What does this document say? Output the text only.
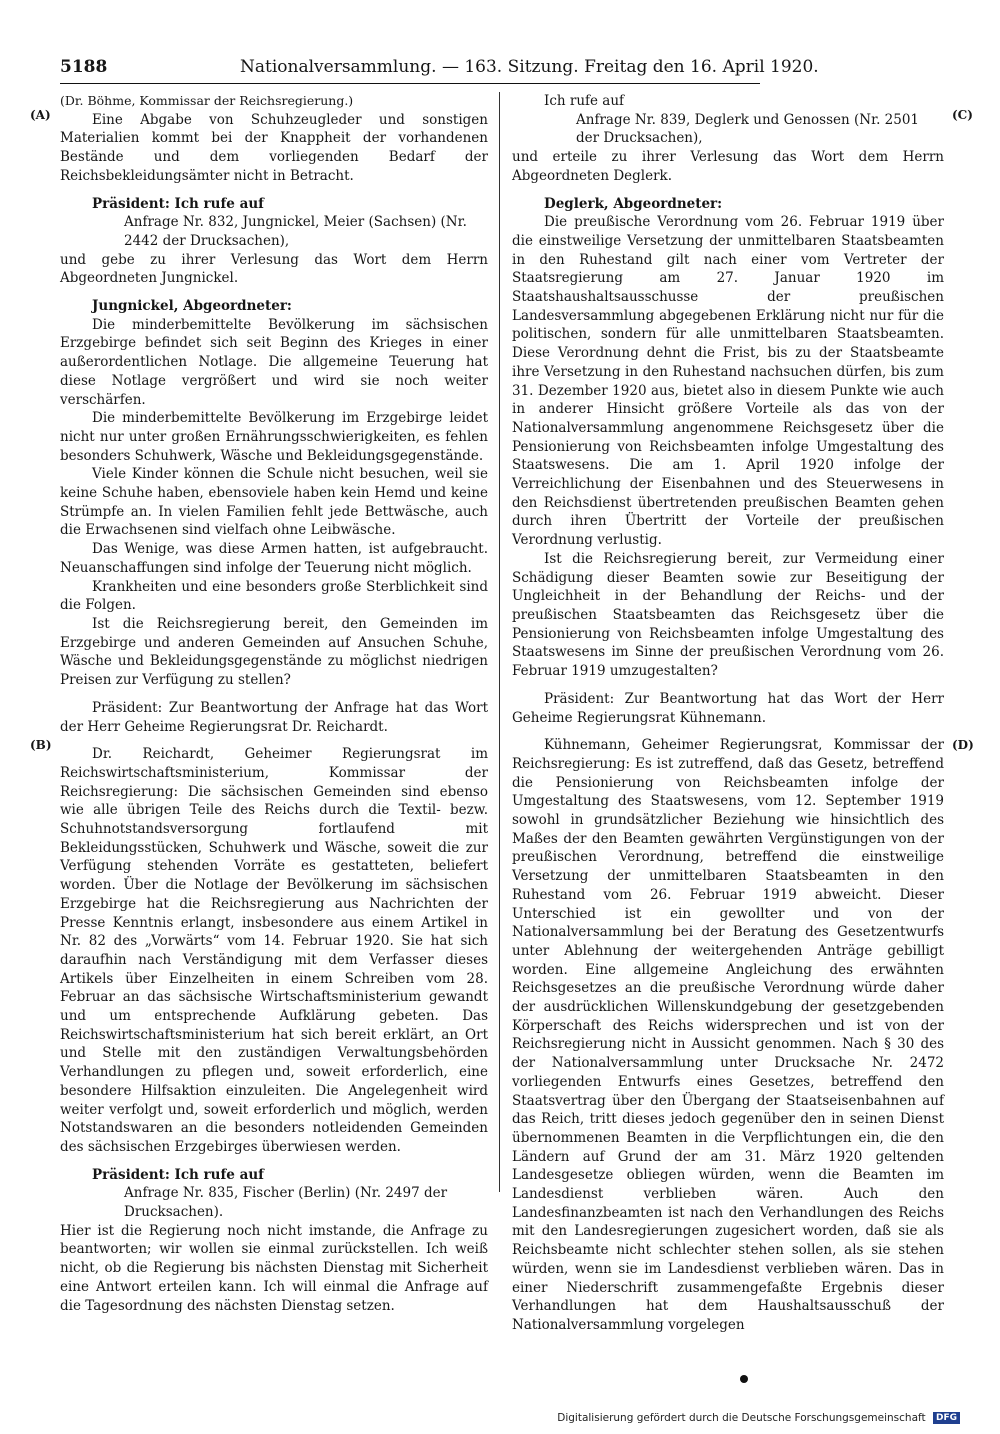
5188	Nationalversammlung. — 163. Sitzung. Freitag den 16. April 1920.
(A)
(B)
(C)
(D)

(Dr. Böhme, Kommissar der Reichsregierung.)

Eine Abgabe von Schuhzeugleder und sonstigen Materialien kommt bei der Knappheit der vorhandenen Bestände und dem vorliegenden Bedarf der Reichsbekleidungsämter nicht in Betracht.

Präsident: Ich rufe auf

Anfrage Nr. 832, Jungnickel, Meier (Sachsen) (Nr. 2442 der Drucksachen),

und gebe zu ihrer Verlesung das Wort dem Herrn Abgeordneten Jungnickel.

Jungnickel, Abgeordneter:

Die minderbemittelte Bevölkerung im sächsischen Erzgebirge befindet sich seit Beginn des Krieges in einer außerordentlichen Notlage. Die allgemeine Teuerung hat diese Notlage vergrößert und wird sie noch weiter verschärfen.

Die minderbemittelte Bevölkerung im Erzgebirge leidet nicht nur unter großen Ernährungsschwierigkeiten, es fehlen besonders Schuhwerk, Wäsche und Bekleidungsgegenstände.

Viele Kinder können die Schule nicht besuchen, weil sie keine Schuhe haben, ebensoviele haben kein Hemd und keine Strümpfe an. In vielen Familien fehlt jede Bettwäsche, auch die Erwachsenen sind vielfach ohne Leibwäsche.

Das Wenige, was diese Armen hatten, ist aufgebraucht. Neuanschaffungen sind infolge der Teuerung nicht möglich.

Krankheiten und eine besonders große Sterblichkeit sind die Folgen.

Ist die Reichsregierung bereit, den Gemeinden im Erzgebirge und anderen Gemeinden auf Ansuchen Schuhe, Wäsche und Bekleidungsgegenstände zu möglichst niedrigen Preisen zur Verfügung zu stellen?

Präsident: Zur Beantwortung der Anfrage hat das Wort der Herr Geheime Regierungsrat Dr. Reichardt.

Dr. Reichardt, Geheimer Regierungsrat im Reichswirtschaftsministerium, Kommissar der Reichsregierung: Die sächsischen Gemeinden sind ebenso wie alle übrigen Teile des Reichs durch die Textil- bezw. Schuhnotstandsversorgung fortlaufend mit Bekleidungsstücken, Schuhwerk und Wäsche, soweit die zur Verfügung stehenden Vorräte es gestatteten, beliefert worden. Über die Notlage der Bevölkerung im sächsischen Erzgebirge hat die Reichsregierung aus Nachrichten der Presse Kenntnis erlangt, insbesondere aus einem Artikel in Nr. 82 des „Vorwärts“ vom 14. Februar 1920. Sie hat sich daraufhin nach Verständigung mit dem Verfasser dieses Artikels über Einzelheiten in einem Schreiben vom 28. Februar an das sächsische Wirtschaftsministerium gewandt und um entsprechende Aufklärung gebeten. Das Reichswirtschaftsministerium hat sich bereit erklärt, an Ort und Stelle mit den zuständigen Verwaltungsbehörden Verhandlungen zu pflegen und, soweit erforderlich, eine besondere Hilfsaktion einzuleiten. Die Angelegenheit wird weiter verfolgt und, soweit erforderlich und möglich, werden Notstandswaren an die besonders notleidenden Gemeinden des sächsischen Erzgebirges überwiesen werden.

Präsident: Ich rufe auf

Anfrage Nr. 835, Fischer (Berlin) (Nr. 2497 der Drucksachen).

Hier ist die Regierung noch nicht imstande, die Anfrage zu beantworten; wir wollen sie einmal zurückstellen. Ich weiß nicht, ob die Regierung bis nächsten Dienstag mit Sicherheit eine Antwort erteilen kann. Ich will einmal die Anfrage auf die Tagesordnung des nächsten Dienstag setzen.

Ich rufe auf

Anfrage Nr. 839, Deglerk und Genossen (Nr. 2501 der Drucksachen),

und erteile zu ihrer Verlesung das Wort dem Herrn Abgeordneten Deglerk.

Deglerk, Abgeordneter:

Die preußische Verordnung vom 26. Februar 1919 über die einstweilige Versetzung der unmittelbaren Staatsbeamten in den Ruhestand gilt nach einer vom Vertreter der Staatsregierung am 27. Januar 1920 im Staatshaushaltsausschusse der preußischen Landesversammlung abgegebenen Erklärung nicht nur für die politischen, sondern für alle unmittelbaren Staatsbeamten. Diese Verordnung dehnt die Frist, bis zu der Staatsbeamte ihre Versetzung in den Ruhestand nachsuchen dürfen, bis zum 31. Dezember 1920 aus, bietet also in diesem Punkte wie auch in anderer Hinsicht größere Vorteile als das von der Nationalversammlung angenommene Reichsgesetz über die Pensionierung von Reichsbeamten infolge Umgestaltung des Staatswesens. Die am 1. April 1920 infolge der Verreichlichung der Eisenbahnen und des Steuerwesens in den Reichsdienst übertretenden preußischen Beamten gehen durch ihren Übertritt der Vorteile der preußischen Verordnung verlustig.

Ist die Reichsregierung bereit, zur Vermeidung einer Schädigung dieser Beamten sowie zur Beseitigung der Ungleichheit in der Behandlung der Reichs- und der preußischen Staatsbeamten das Reichsgesetz über die Pensionierung von Reichsbeamten infolge Umgestaltung des Staatswesens im Sinne der preußischen Verordnung vom 26. Februar 1919 umzugestalten?

Präsident: Zur Beantwortung hat das Wort der Herr Geheime Regierungsrat Kühnemann.

Kühnemann, Geheimer Regierungsrat, Kommissar der Reichsregierung: Es ist zutreffend, daß das Gesetz, betreffend die Pensionierung von Reichsbeamten infolge der Umgestaltung des Staatswesens, vom 12. September 1919 sowohl in grundsätzlicher Beziehung wie hinsichtlich des Maßes der den Beamten gewährten Vergünstigungen von der preußischen Verordnung, betreffend die einstweilige Versetzung der unmittelbaren Staatsbeamten in den Ruhestand vom 26. Februar 1919 abweicht. Dieser Unterschied ist ein gewollter und von der Nationalversammlung bei der Beratung des Gesetzentwurfs unter Ablehnung der weitergehenden Anträge gebilligt worden. Eine allgemeine Angleichung des erwähnten Reichsgesetzes an die preußische Verordnung würde daher der ausdrücklichen Willenskundgebung der gesetzgebenden Körperschaft des Reichs widersprechen und ist von der Reichsregierung nicht in Aussicht genommen. Nach § 30 des der Nationalversammlung unter Drucksache Nr. 2472 vorliegenden Entwurfs eines Gesetzes, betreffend den Staatsvertrag über den Übergang der Staatseisenbahnen auf das Reich, tritt dieses jedoch gegenüber den in seinen Dienst übernommenen Beamten in die Verpflichtungen ein, die den Ländern auf Grund der am 31. März 1920 geltenden Landesgesetze obliegen würden, wenn die Beamten im Landesdienst verblieben wären. Auch den Landesfinanzbeamten ist nach den Verhandlungen des Reichs mit den Landesregierungen zugesichert worden, daß sie als Reichsbeamte nicht schlechter stehen sollen, als sie stehen würden, wenn sie im Landesdienst verblieben wären. Das in einer Niederschrift zusammengefaßte Ergebnis dieser Verhandlungen hat dem Haushaltsausschuß der Nationalversammlung vorgelegen

Digitalisierung gefördert durch die Deutsche Forschungsgemeinschaft DFG
